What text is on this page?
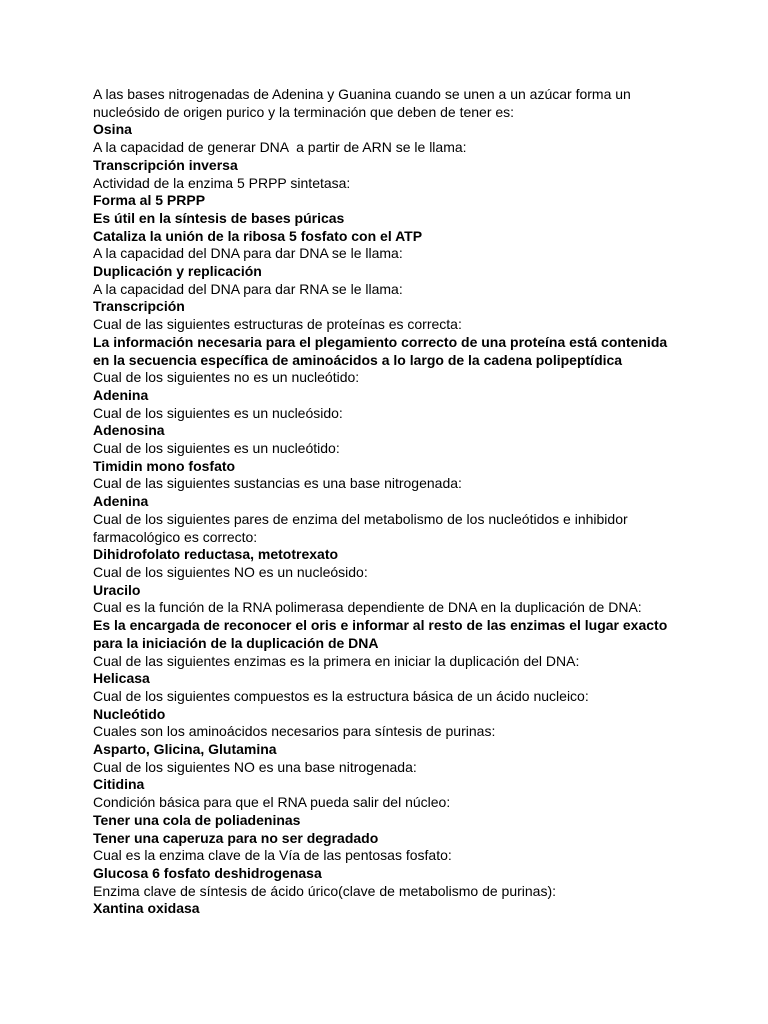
A las bases nitrogenadas de Adenina y Guanina cuando se unen a un azúcar forma un
nucleósido de origen purico y la terminación que deben de tener es:
Osina
A la capacidad de generar DNA  a partir de ARN se le llama:
Transcripción inversa
Actividad de la enzima 5 PRPP sintetasa:
Forma al 5 PRPP
Es útil en la síntesis de bases púricas
Cataliza la unión de la ribosa 5 fosfato con el ATP
A la capacidad del DNA para dar DNA se le llama:
Duplicación y replicación
A la capacidad del DNA para dar RNA se le llama:
Transcripción
Cual de las siguientes estructuras de proteínas es correcta:
La información necesaria para el plegamiento correcto de una proteína está contenida
en la secuencia específica de aminoácidos a lo largo de la cadena polipeptídica
Cual de los siguientes no es un nucleótido:
Adenina
Cual de los siguientes es un nucleósido:
Adenosina
Cual de los siguientes es un nucleótido:
Timidin mono fosfato
Cual de las siguientes sustancias es una base nitrogenada:
Adenina
Cual de los siguientes pares de enzima del metabolismo de los nucleótidos e inhibidor
farmacológico es correcto:
Dihidrofolato reductasa, metotrexato
Cual de los siguientes NO es un nucleósido:
Uracilo
Cual es la función de la RNA polimerasa dependiente de DNA en la duplicación de DNA:
Es la encargada de reconocer el oris e informar al resto de las enzimas el lugar exacto
para la iniciación de la duplicación de DNA
Cual de las siguientes enzimas es la primera en iniciar la duplicación del DNA:
Helicasa
Cual de los siguientes compuestos es la estructura básica de un ácido nucleico:
Nucleótido
Cuales son los aminoácidos necesarios para síntesis de purinas:
Asparto, Glicina, Glutamina
Cual de los siguientes NO es una base nitrogenada:
Citidina
Condición básica para que el RNA pueda salir del núcleo:
Tener una cola de poliadeninas
Tener una caperuza para no ser degradado
Cual es la enzima clave de la Vía de las pentosas fosfato:
Glucosa 6 fosfato deshidrogenasa
Enzima clave de síntesis de ácido úrico(clave de metabolismo de purinas):
Xantina oxidasa
